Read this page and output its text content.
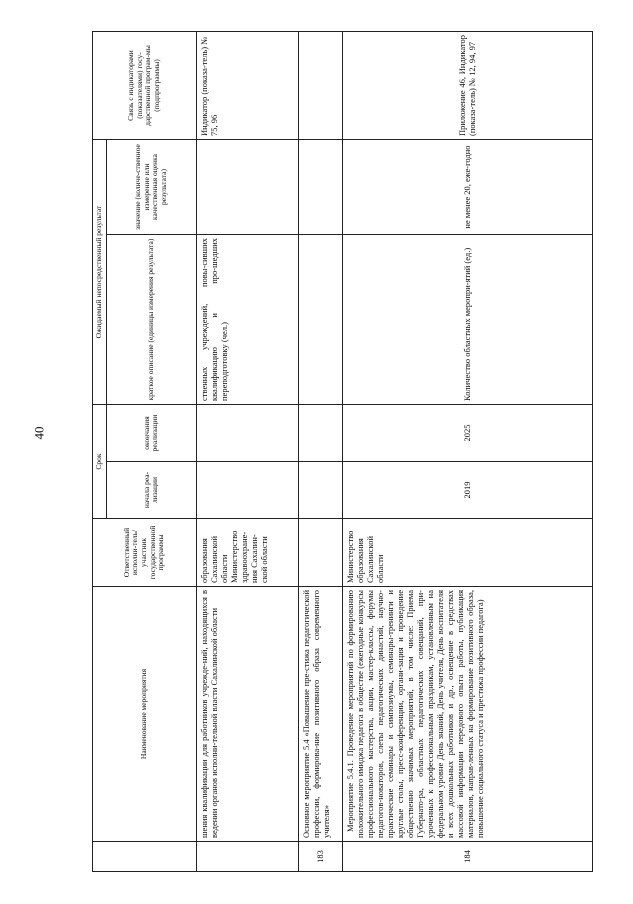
40
	Наименование мероприятия	Ответственный исполни-тель/участник государственной программы	Срок		Ожидаемый непосредственный результат		Связь с индикаторами (показателями) госу-дарственной програм-мы (подпрограммы)
			начала реа-лизации	окончания реализации	краткое описание (единицы измерения результата)	значение (количе-ственное измерение или качественная оценка результата)	
	шения квалификации для работников учрежде-ний, находящихся в ведении органов исполни-тельной власти Сахалинской области	образования Сахалинской области Министерство здравоохране-ния Сахалин-ской области			ственных учреждений, повы-сивших квалификацию и про-шедших переподготовку (чел.)		Индикатор (показа-тель) № 75, 96
183	Основное мероприятие 5.4 «Повышение пре-стижа педагогической профессии, формирова-ние позитивного образа современного учителя»						
184	Мероприятие 5.4.1. Проведение мероприятий по формированию положительного имиджа педагога в обществе (ежегодные конкурсы профессионального мастерства, акции, мастер-классы, форумы педагогов-новаторов, слеты педагогических династий, научно-практические семинары и симпозиумы, семинары-тренинги и круглые столы, пресс-конференции, органи-зация и проведение общественно значимых мероприятий, в том числе: Приема Губернато-ра, областных педагогических совещаний, при-уроченных к профессиональным праздникам, установленным на федеральном уровне День знаний, День учителя, День воспитателя и всех дошкольных работников и др., освещение в средствах массовой информации передового опыта работы, публикация материалов, направ-ленных на формирование позитивного образа, повышение социального статуса и престижа профессии педагога)	Министерство образования Сахалинской области	2019	2025	Количество областных меропри-ятий (ед.)	не менее 20, еже-годно	Приложение 46, Индикатор (показа-тель) № 12, 94, 97
